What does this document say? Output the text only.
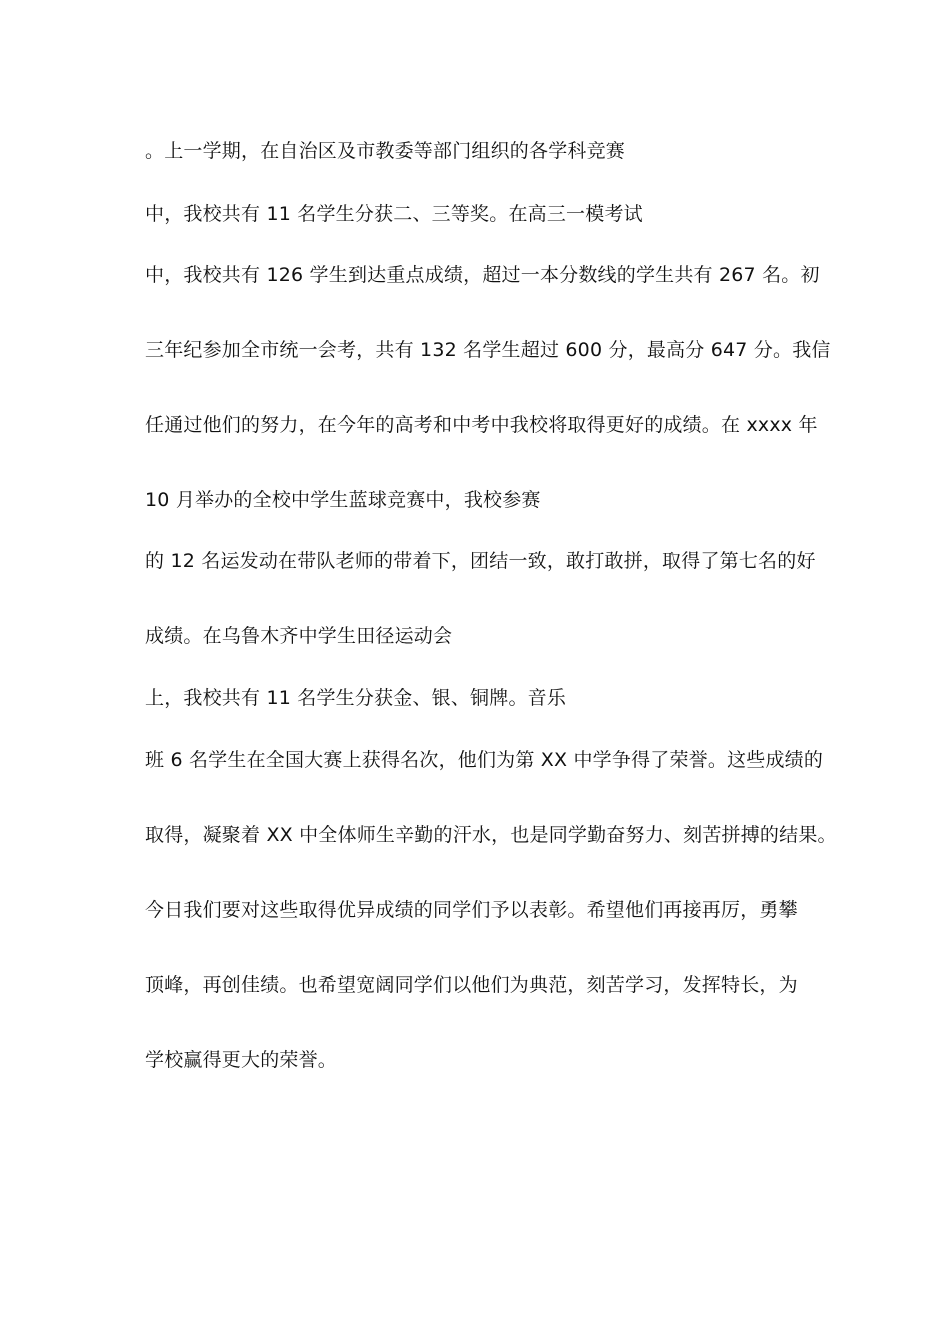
。上一学期，在自治区及市教委等部门组织的各学科竞赛

中，我校共有 11 名学生分获二、三等奖。在高三一模考试

中，我校共有 126 学生到达重点成绩，超过一本分数线的学生共有 267 名。初

三年纪参加全市统一会考，共有 132 名学生超过 600 分，最高分 647 分。我信

任通过他们的努力，在今年的高考和中考中我校将取得更好的成绩。在 xxxx 年

10 月举办的全校中学生蓝球竞赛中，我校参赛

的 12 名运发动在带队老师的带着下，团结一致，敢打敢拼，取得了第七名的好

成绩。在乌鲁木齐中学生田径运动会

上，我校共有 11 名学生分获金、银、铜牌。音乐

班 6 名学生在全国大赛上获得名次，他们为第 XX 中学争得了荣誉。这些成绩的

取得，凝聚着 XX 中全体师生辛勤的汗水，也是同学勤奋努力、刻苦拼搏的结果。

今日我们要对这些取得优异成绩的同学们予以表彰。希望他们再接再厉，勇攀

顶峰，再创佳绩。也希望宽阔同学们以他们为典范，刻苦学习，发挥特长，为

学校赢得更大的荣誉。
